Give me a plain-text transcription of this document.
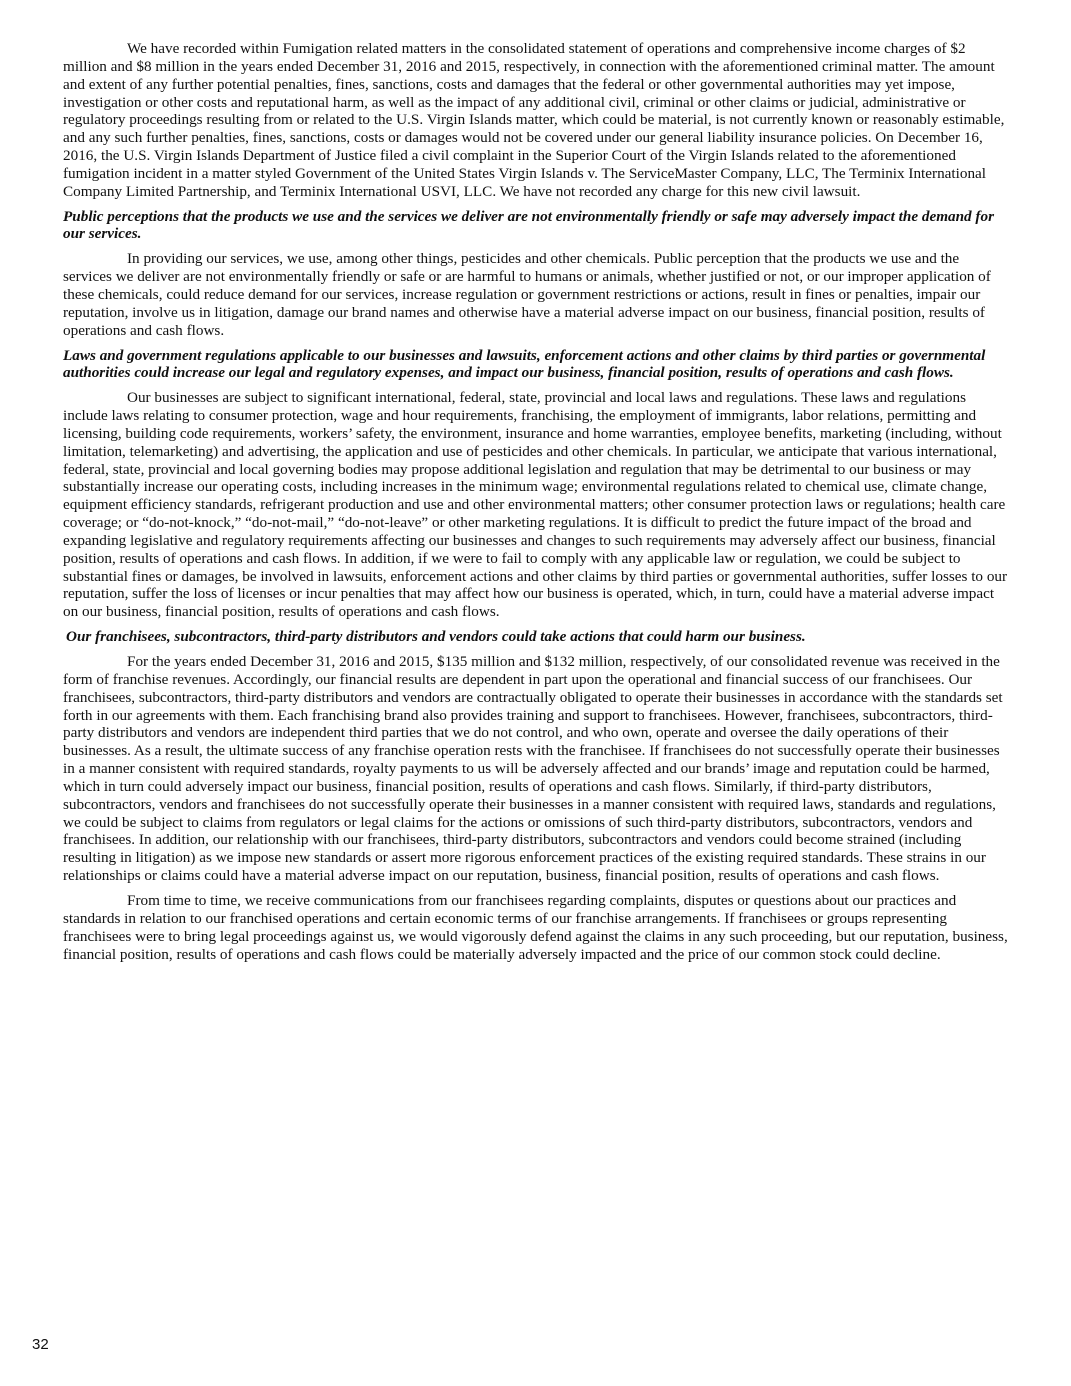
We have recorded within Fumigation related matters in the consolidated statement of operations and comprehensive income charges of $2 million and $8 million in the years ended December 31, 2016 and 2015, respectively, in connection with the aforementioned criminal matter. The amount and extent of any further potential penalties, fines, sanctions, costs and damages that the federal or other governmental authorities may yet impose, investigation or other costs and reputational harm, as well as the impact of any additional civil, criminal or other claims or judicial, administrative or regulatory proceedings resulting from or related to the U.S. Virgin Islands matter, which could be material, is not currently known or reasonably estimable, and any such further penalties, fines, sanctions, costs or damages would not be covered under our general liability insurance policies. On December 16, 2016, the U.S. Virgin Islands Department of Justice filed a civil complaint in the Superior Court of the Virgin Islands related to the aforementioned fumigation incident in a matter styled Government of the United States Virgin Islands v. The ServiceMaster Company, LLC, The Terminix International Company Limited Partnership, and Terminix International USVI, LLC. We have not recorded any charge for this new civil lawsuit.

Public perceptions that the products we use and the services we deliver are not environmentally friendly or safe may adversely impact the demand for our services.

In providing our services, we use, among other things, pesticides and other chemicals. Public perception that the products we use and the services we deliver are not environmentally friendly or safe or are harmful to humans or animals, whether justified or not, or our improper application of these chemicals, could reduce demand for our services, increase regulation or government restrictions or actions, result in fines or penalties, impair our reputation, involve us in litigation, damage our brand names and otherwise have a material adverse impact on our business, financial position, results of operations and cash flows.

Laws and government regulations applicable to our businesses and lawsuits, enforcement actions and other claims by third parties or governmental authorities could increase our legal and regulatory expenses, and impact our business, financial position, results of operations and cash flows.

Our businesses are subject to significant international, federal, state, provincial and local laws and regulations. These laws and regulations include laws relating to consumer protection, wage and hour requirements, franchising, the employment of immigrants, labor relations, permitting and licensing, building code requirements, workers’ safety, the environment, insurance and home warranties, employee benefits, marketing (including, without limitation, telemarketing) and advertising, the application and use of pesticides and other chemicals. In particular, we anticipate that various international, federal, state, provincial and local governing bodies may propose additional legislation and regulation that may be detrimental to our business or may substantially increase our operating costs, including increases in the minimum wage; environmental regulations related to chemical use, climate change, equipment efficiency standards, refrigerant production and use and other environmental matters; other consumer protection laws or regulations; health care coverage; or “do-not-knock,” “do-not-mail,” “do-not-leave” or other marketing regulations. It is difficult to predict the future impact of the broad and expanding legislative and regulatory requirements affecting our businesses and changes to such requirements may adversely affect our business, financial position, results of operations and cash flows. In addition, if we were to fail to comply with any applicable law or regulation, we could be subject to substantial fines or damages, be involved in lawsuits, enforcement actions and other claims by third parties or governmental authorities, suffer losses to our reputation, suffer the loss of licenses or incur penalties that may affect how our business is operated, which, in turn, could have a material adverse impact on our business, financial position, results of operations and cash flows.

Our franchisees, subcontractors, third-party distributors and vendors could take actions that could harm our business.

For the years ended December 31, 2016 and 2015, $135 million and $132 million, respectively, of our consolidated revenue was received in the form of franchise revenues. Accordingly, our financial results are dependent in part upon the operational and financial success of our franchisees. Our franchisees, subcontractors, third-party distributors and vendors are contractually obligated to operate their businesses in accordance with the standards set forth in our agreements with them. Each franchising brand also provides training and support to franchisees. However, franchisees, subcontractors, third-party distributors and vendors are independent third parties that we do not control, and who own, operate and oversee the daily operations of their businesses. As a result, the ultimate success of any franchise operation rests with the franchisee. If franchisees do not successfully operate their businesses in a manner consistent with required standards, royalty payments to us will be adversely affected and our brands’ image and reputation could be harmed, which in turn could adversely impact our business, financial position, results of operations and cash flows. Similarly, if third-party distributors, subcontractors, vendors and franchisees do not successfully operate their businesses in a manner consistent with required laws, standards and regulations, we could be subject to claims from regulators or legal claims for the actions or omissions of such third-party distributors, subcontractors, vendors and franchisees. In addition, our relationship with our franchisees, third-party distributors, subcontractors and vendors could become strained (including resulting in litigation) as we impose new standards or assert more rigorous enforcement practices of the existing required standards. These strains in our relationships or claims could have a material adverse impact on our reputation, business, financial position, results of operations and cash flows.

From time to time, we receive communications from our franchisees regarding complaints, disputes or questions about our practices and standards in relation to our franchised operations and certain economic terms of our franchise arrangements. If franchisees or groups representing franchisees were to bring legal proceedings against us, we would vigorously defend against the claims in any such proceeding, but our reputation, business, financial position, results of operations and cash flows could be materially adversely impacted and the price of our common stock could decline.

32
